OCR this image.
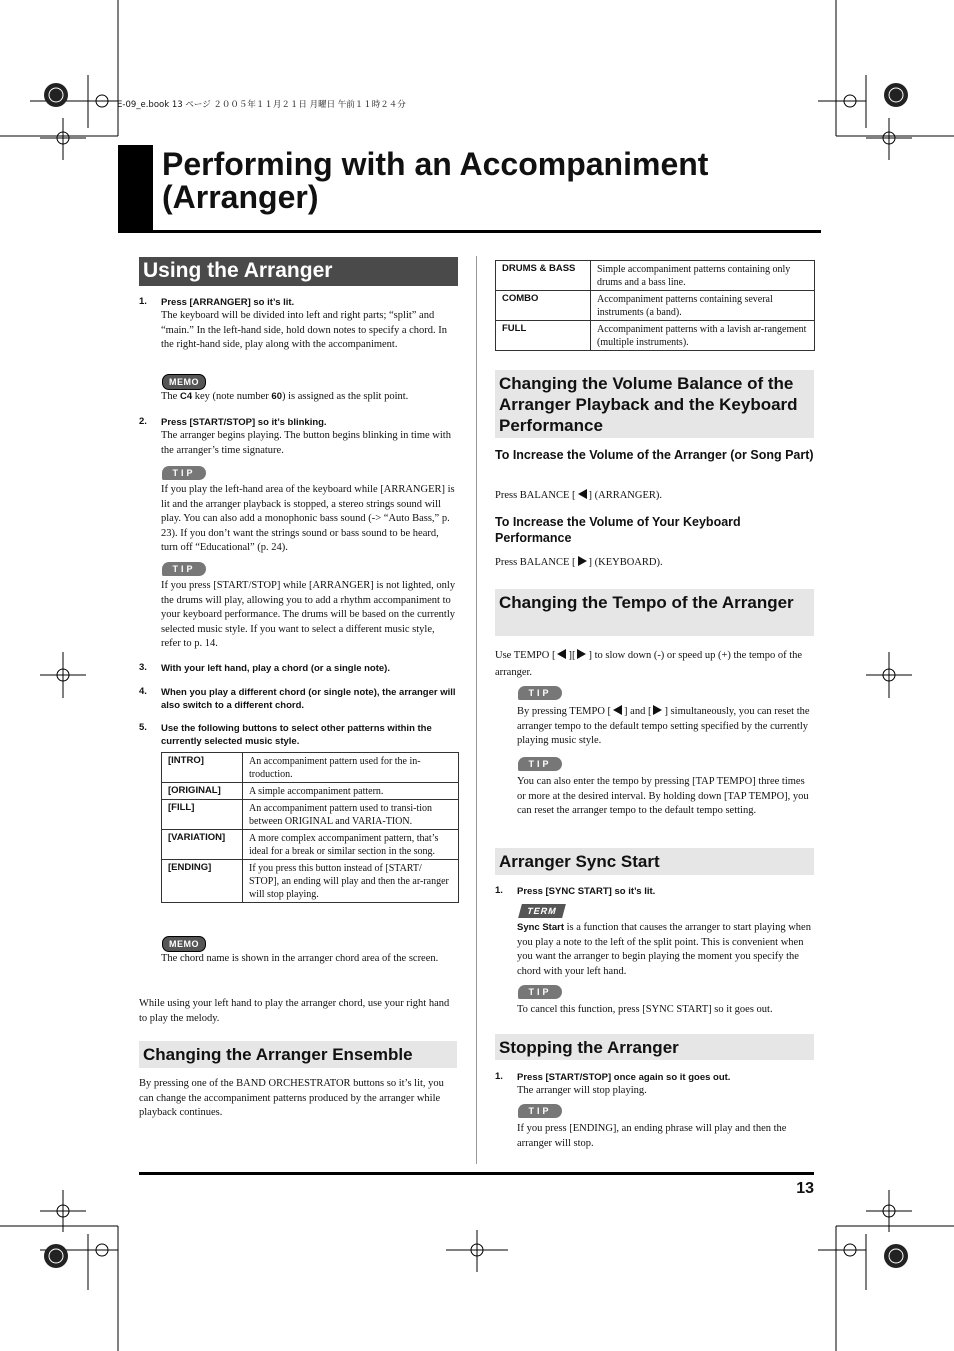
E-09_e.book 13 ページ ２００５年１１月２１日 月曜日 午前１１時２４分
Performing with an Accompaniment
(Arranger)
Using the Arranger
1. Press [ARRANGER] so it’s lit.
The keyboard will be divided into left and right parts; “split” and “main.” In the left-hand side, hold down notes to specify a chord. In the right-hand side, play along with the accompaniment.
MEMO
The C4 key (note number 60) is assigned as the split point.
2. Press [START/STOP] so it’s blinking.
The arranger begins playing. The button begins blinking in time with the arranger’s time signature.
TIP
If you play the left-hand area of the keyboard while [ARRANGER] is lit and the arranger playback is stopped, a stereo strings sound will play. You can also add a monophonic bass sound (-> “Auto Bass,” p. 23). If you don’t want the strings sound or bass sound to be heard, turn off “Educational” (p. 24).
TIP
If you press [START/STOP] while [ARRANGER] is not lighted, only the drums will play, allowing you to add a rhythm accompaniment to your keyboard performance. The drums will be based on the currently selected music style. If you want to select a different music style, refer to p. 14.
3. With your left hand, play a chord (or a single note).
4. When you play a different chord (or single note), the arranger will also switch to a different chord.
5. Use the following buttons to select other patterns within the currently selected music style.
[INTRO]	An accompaniment pattern used for the in-troduction.
[ORIGINAL]	A simple accompaniment pattern.
[FILL]	An accompaniment pattern used to transi-tion between ORIGINAL and VARIA-TION.
[VARIATION]	A more complex accompaniment pattern, that’s ideal for a break or similar section in the song.
[ENDING]	If you press this button instead of [START/ STOP], an ending will play and then the ar-ranger will stop playing.
MEMO
The chord name is shown in the arranger chord area of the screen.
While using your left hand to play the arranger chord, use your right hand to play the melody.
Changing the Arranger Ensemble
By pressing one of the BAND ORCHESTRATOR buttons so it’s lit, you can change the accompaniment patterns produced by the arranger while playback continues.
DRUMS & BASS	Simple accompaniment patterns containing only drums and a bass line.
COMBO	Accompaniment patterns containing several instruments (a band).
FULL	Accompaniment patterns with a lavish ar-rangement (multiple instruments).
Changing the Volume Balance of the Arranger Playback and the Keyboard Performance
To Increase the Volume of the Arranger (or Song Part)
Press BALANCE [ ] (ARRANGER).
To Increase the Volume of Your Keyboard Performance
Press BALANCE [ ] (KEYBOARD).
Changing the Tempo of the Arranger
Use TEMPO [ ][ ] to slow down (-) or speed up (+) the tempo of the arranger.
TIP
By pressing TEMPO [ ] and [ ] simultaneously, you can reset the arranger tempo to the default tempo setting specified by the currently playing music style.
TIP
You can also enter the tempo by pressing [TAP TEMPO] three times or more at the desired interval. By holding down [TAP TEMPO], you can reset the arranger tempo to the default tempo setting.
Arranger Sync Start
1. Press [SYNC START] so it’s lit.
TERM
Sync Start is a function that causes the arranger to start playing when you play a note to the left of the split point. This is convenient when you want the arranger to begin playing the moment you specify the chord with your left hand.
TIP
To cancel this function, press [SYNC START] so it goes out.
Stopping the Arranger
1. Press [START/STOP] once again so it goes out.
The arranger will stop playing.
TIP
If you press [ENDING], an ending phrase will play and then the arranger will stop.
13
